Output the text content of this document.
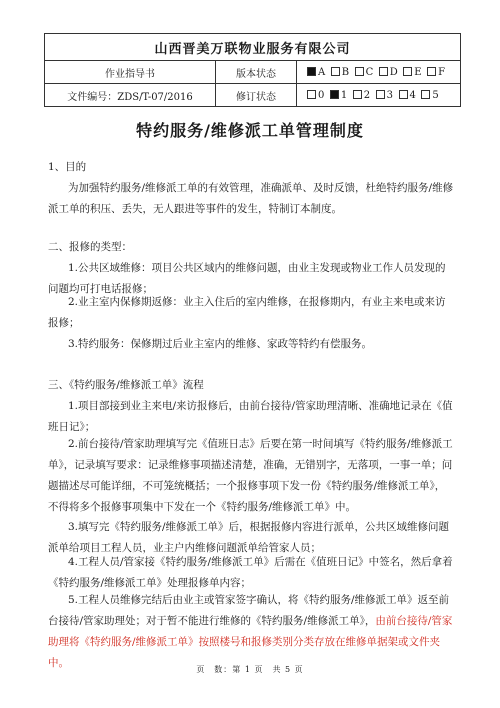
山西晋美万联物业服务有限公司		
作业指导书	版本状态	A B C D E F
文件编号：ZDS/T-07/2016	修订状态	0 1 2 3 4 5
特约服务/维修派工单管理制度

1、目的

为加强特约服务/维修派工单的有效管理，准确派单、及时反馈，杜绝特约服务/维修派工单的积压、丢失，无人跟进等事件的发生，特制订本制度。

二、报修的类型：

1.公共区域维修：项目公共区域内的维修问题，由业主发现或物业工作人员发现的问题均可打电话报修；

2.业主室内保修期返修：业主入住后的室内维修，在报修期内，有业主来电或来访报修；

3.特约服务：保修期过后业主室内的维修、家政等特约有偿服务。

三、《特约服务/维修派工单》流程

1.项目部接到业主来电/来访报修后，由前台接待/管家助理清晰、准确地记录在《值班日记》；

2.前台接待/管家助理填写完《值班日志》后要在第一时间填写《特约服务/维修派工单》，记录填写要求：记录维修事项描述清楚，准确，无错别字，无落项，一事一单；问题描述尽可能详细，不可笼统概括；一个报修事项下发一份《特约服务/维修派工单》，不得将多个报修事项集中下发在一个《特约服务/维修派工单》中。

3.填写完《特约服务/维修派工单》后，根据报修内容进行派单，公共区域维修问题派单给项目工程人员，业主户内维修问题派单给管家人员；

4.工程人员/管家接《特约服务/维修派工单》后需在《值班日记》中签名，然后拿着《特约服务/维修派工单》处理报修单内容；

5.工程人员维修完结后由业主或管家签字确认，将《特约服务/维修派工单》返至前台接待/管家助理处；对于暂不能进行维修的《特约服务/维修派工单》，由前台接待/管家助理将《特约服务/维修派工单》按照楼号和报修类别分类存放在维修单据架或文件夹中。

页　数：第 1 页　共 5 页
